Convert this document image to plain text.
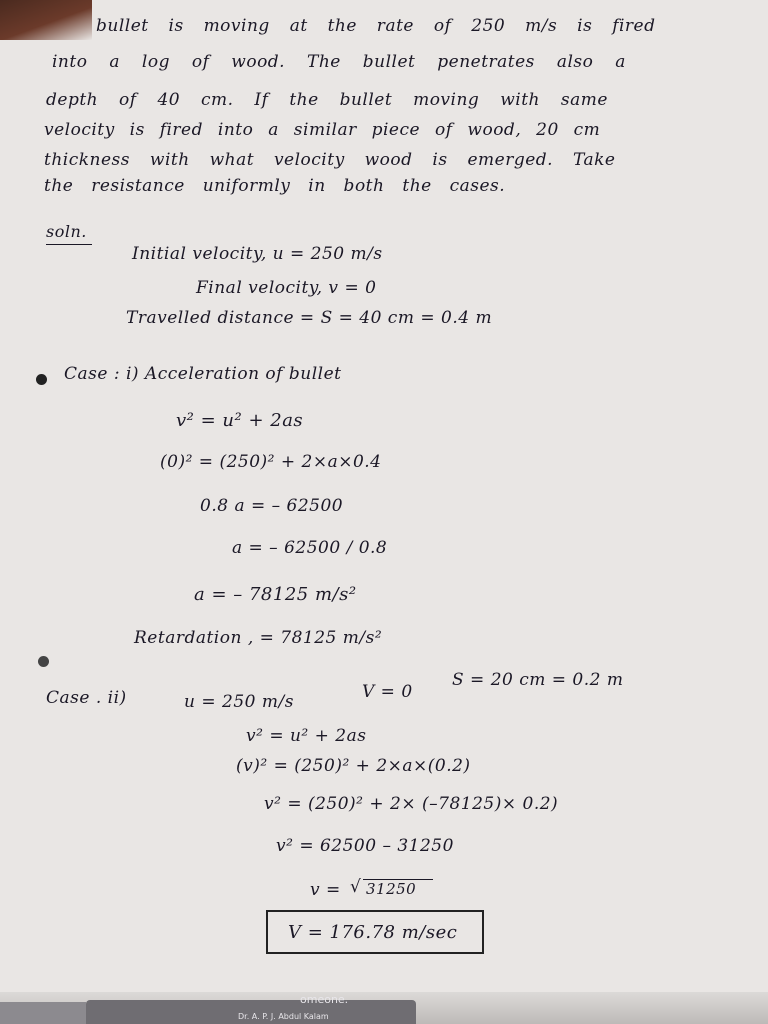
bullet is moving at the rate of 250 m/s is fired
into a log of wood. The bullet penetrates also a
depth of 40 cm. If the bullet moving with same
velocity is fired into a similar piece of wood, 20 cm
thickness with what velocity wood is emerged. Take
the resistance uniformly in both the cases.
soln.
Initial velocity, u = 250 m/s
Final velocity, v = 0
Travelled distance = S = 40 cm = 0.4 m
Case : i) Acceleration of bullet
v² = u² + 2as
(0)² = (250)² + 2×a×0.4
0.8 a = – 62500
a = – 62500 / 0.8
a = – 78125 m/s²
Retardation , = 78125 m/s²
Case . ii)	u = 250 m/s	V = 0
S = 20 cm = 0.2 m
v² = u² + 2as
(v)² = (250)² + 2×a×(0.2)
v² = (250)² + 2× (–78125)× 0.2)
v² = 62500 – 31250
v = √ 31250
V = 176.78 m/sec
omeone.
Dr. A. P. J. Abdul Kalam
